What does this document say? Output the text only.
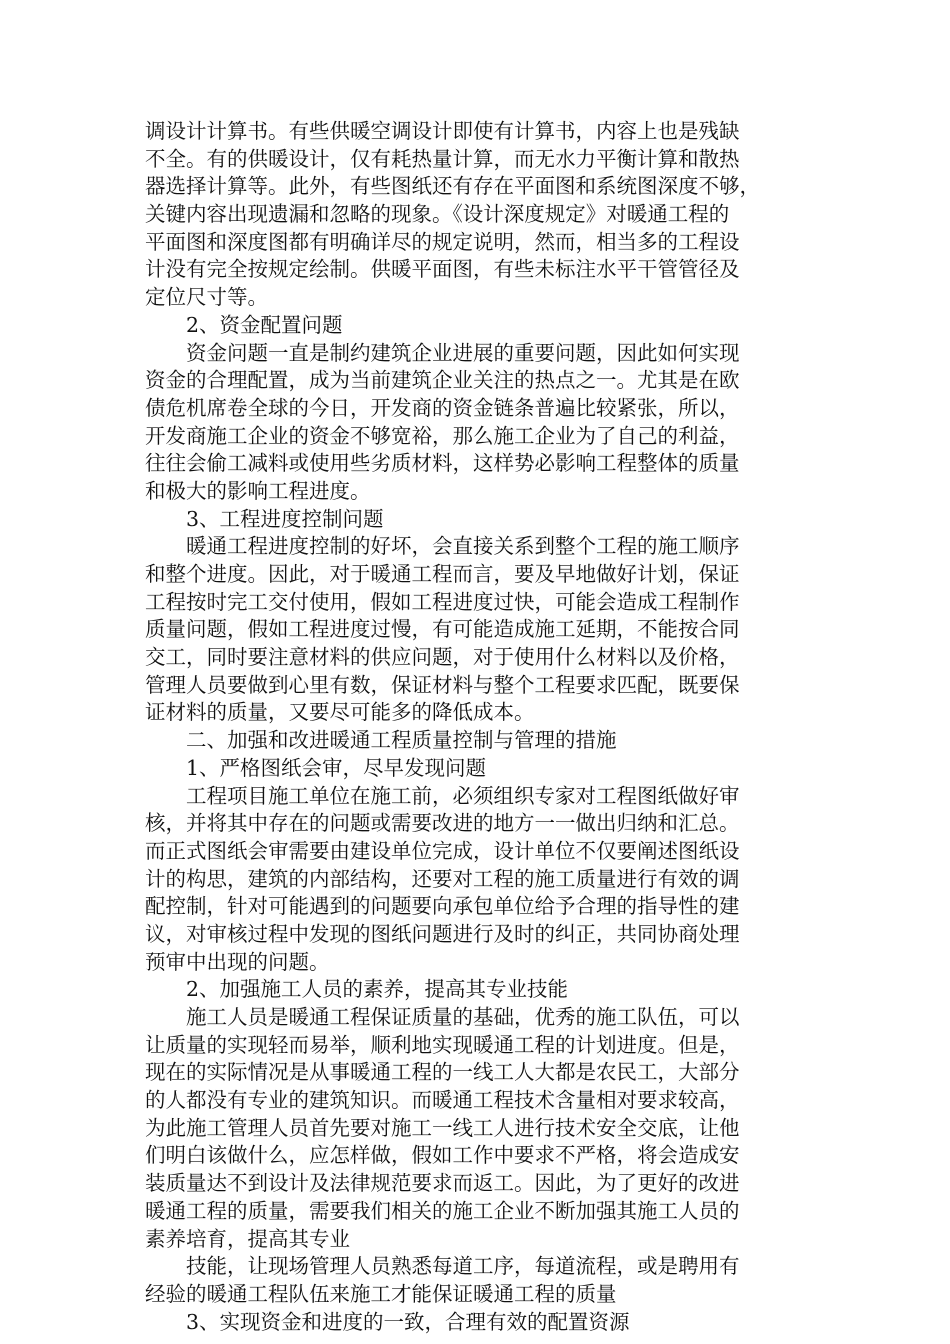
调设计计算书。有些供暖空调设计即使有计算书，内容上也是残缺
不全。有的供暖设计，仅有耗热量计算，而无水力平衡计算和散热
器选择计算等。此外，有些图纸还有存在平面图和系统图深度不够，
关键内容出现遗漏和忽略的现象。《设计深度规定》对暖通工程的
平面图和深度图都有明确详尽的规定说明，然而，相当多的工程设
计没有完全按规定绘制。供暖平面图，有些未标注水平干管管径及
定位尺寸等。
2、资金配置问题
资金问题一直是制约建筑企业进展的重要问题，因此如何实现
资金的合理配置，成为当前建筑企业关注的热点之一。尤其是在欧
债危机席卷全球的今日，开发商的资金链条普遍比较紧张，所以，
开发商施工企业的资金不够宽裕，那么施工企业为了自己的利益，
往往会偷工减料或使用些劣质材料，这样势必影响工程整体的质量
和极大的影响工程进度。
3、工程进度控制问题
暖通工程进度控制的好坏，会直接关系到整个工程的施工顺序
和整个进度。因此，对于暖通工程而言，要及早地做好计划，保证
工程按时完工交付使用，假如工程进度过快，可能会造成工程制作
质量问题，假如工程进度过慢，有可能造成施工延期，不能按合同
交工，同时要注意材料的供应问题，对于使用什么材料以及价格，
管理人员要做到心里有数，保证材料与整个工程要求匹配，既要保
证材料的质量，又要尽可能多的降低成本。
二、加强和改进暖通工程质量控制与管理的措施
1、严格图纸会审，尽早发现问题
工程项目施工单位在施工前，必须组织专家对工程图纸做好审
核，并将其中存在的问题或需要改进的地方一一做出归纳和汇总。
而正式图纸会审需要由建设单位完成，设计单位不仅要阐述图纸设
计的构思，建筑的内部结构，还要对工程的施工质量进行有效的调
配控制，针对可能遇到的问题要向承包单位给予合理的指导性的建
议，对审核过程中发现的图纸问题进行及时的纠正，共同协商处理
预审中出现的问题。
2、加强施工人员的素养，提高其专业技能
施工人员是暖通工程保证质量的基础，优秀的施工队伍，可以
让质量的实现轻而易举，顺利地实现暖通工程的计划进度。但是，
现在的实际情况是从事暖通工程的一线工人大都是农民工，大部分
的人都没有专业的建筑知识。而暖通工程技术含量相对要求较高，
为此施工管理人员首先要对施工一线工人进行技术安全交底，让他
们明白该做什么，应怎样做，假如工作中要求不严格，将会造成安
装质量达不到设计及法律规范要求而返工。因此，为了更好的改进
暖通工程的质量，需要我们相关的施工企业不断加强其施工人员的
素养培育，提高其专业
技能，让现场管理人员熟悉每道工序，每道流程，或是聘用有
经验的暖通工程队伍来施工才能保证暖通工程的质量
3、实现资金和进度的一致，合理有效的配置资源
